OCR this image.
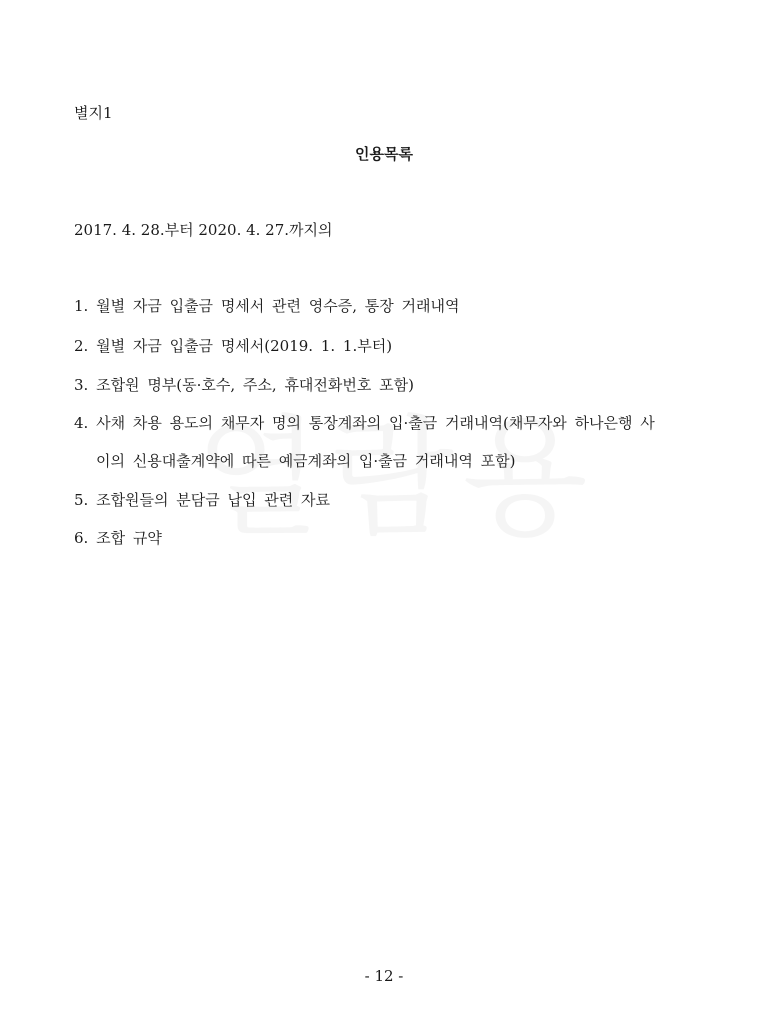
별지1
인용목록
2017. 4. 28.부터 2020. 4. 27.까지의
1. 월별 자금 입출금 명세서 관련 영수증, 통장 거래내역
2. 월별 자금 입출금 명세서(2019. 1. 1.부터)
3. 조합원 명부(동·호수, 주소, 휴대전화번호 포함)
4. 사채 차용 용도의 채무자 명의 통장계좌의 입·출금 거래내역(채무자와 하나은행 사
이의 신용대출계약에 따른 예금계좌의 입·출금 거래내역 포함)
5. 조합원들의 분담금 납입 관련 자료
6. 조합 규약
- 12 -
